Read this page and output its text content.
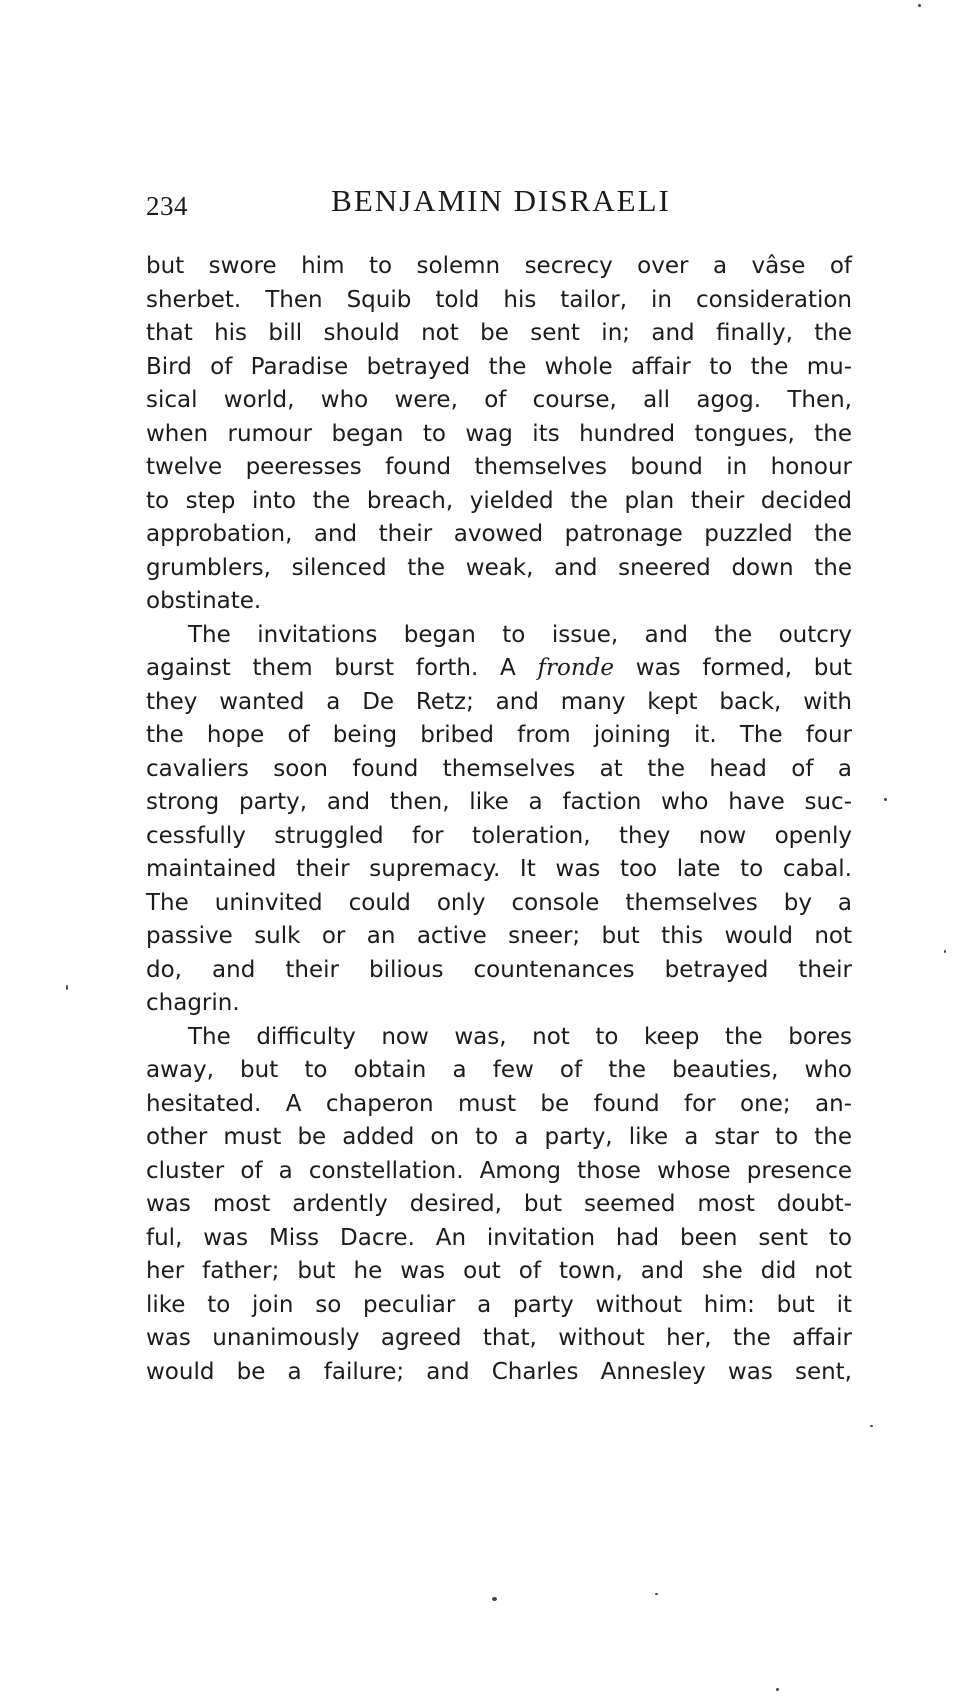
234	BENJAMIN DISRAELI
but swore him to solemn secrecy over a vâse of
sherbet. Then Squib told his tailor, in consideration
that his bill should not be sent in; and finally, the
Bird of Paradise betrayed the whole affair to the mu-
sical world, who were, of course, all agog. Then,
when rumour began to wag its hundred tongues, the
twelve peeresses found themselves bound in honour
to step into the breach, yielded the plan their decided
approbation, and their avowed patronage puzzled the
grumblers, silenced the weak, and sneered down the
obstinate.
The invitations began to issue, and the outcry
against them burst forth. A fronde was formed, but
they wanted a De Retz; and many kept back, with
the hope of being bribed from joining it. The four
cavaliers soon found themselves at the head of a
strong party, and then, like a faction who have suc-
cessfully struggled for toleration, they now openly
maintained their supremacy. It was too late to cabal.
The uninvited could only console themselves by a
passive sulk or an active sneer; but this would not
do, and their bilious countenances betrayed their
chagrin.
The difficulty now was, not to keep the bores
away, but to obtain a few of the beauties, who
hesitated. A chaperon must be found for one; an-
other must be added on to a party, like a star to the
cluster of a constellation. Among those whose presence
was most ardently desired, but seemed most doubt-
ful, was Miss Dacre. An invitation had been sent to
her father; but he was out of town, and she did not
like to join so peculiar a party without him: but it
was unanimously agreed that, without her, the affair
would be a failure; and Charles Annesley was sent,
